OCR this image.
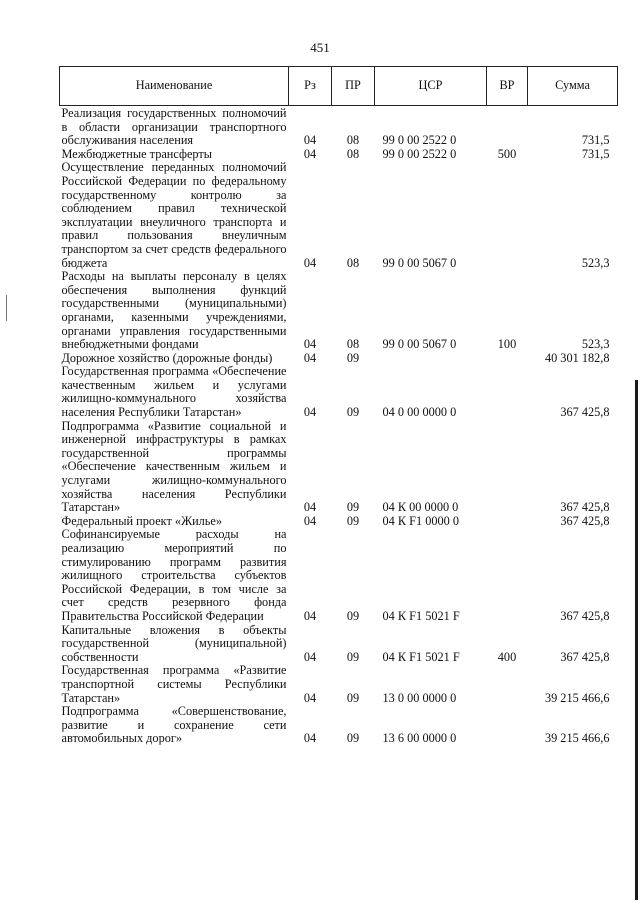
451
Наименование	Рз	ПР	ЦСР	ВР	Сумма
Реализация государственных полномочий в области организации транспортного обслуживания населения	04	08	99 0 00 2522 0		731,5
Межбюджетные трансферты	04	08	99 0 00 2522 0	500	731,5
Осуществление переданных полномочий Российской Федерации по федеральному государственному контролю за соблюдением правил технической эксплуатации внеуличного транспорта и правил пользования внеуличным транспортом за счет средств федерального бюджета	04	08	99 0 00 5067 0		523,3
Расходы на выплаты персоналу в целях обеспечения выполнения функций государственными (муниципальными) органами, казенными учреждениями, органами управления государственными внебюджетными фондами	04	08	99 0 00 5067 0	100	523,3
Дорожное хозяйство (дорожные фонды)	04	09			40 301 182,8
Государственная программа «Обеспечение качественным жильем и услугами жилищно-коммунального хозяйства населения Республики Татарстан»	04	09	04 0 00 0000 0		367 425,8
Подпрограмма «Развитие социальной и инженерной инфраструктуры в рамках государственной программы «Обеспечение качественным жильем и услугами жилищно-коммунального хозяйства населения Республики Татарстан»	04	09	04 К 00 0000 0		367 425,8
Федеральный проект «Жилье»	04	09	04 К F1 0000 0		367 425,8
Софинансируемые расходы на реализацию мероприятий по стимулированию программ развития жилищного строительства субъектов Российской Федерации, в том числе за счет средств резервного фонда Правительства Российской Федерации	04	09	04 К F1 5021 F		367 425,8
Капитальные вложения в объекты государственной (муниципальной) собственности	04	09	04 К F1 5021 F	400	367 425,8
Государственная программа «Развитие транспортной системы Республики Татарстан»	04	09	13 0 00 0000 0		39 215 466,6
Подпрограмма «Совершенствование, развитие и сохранение сети автомобильных дорог»	04	09	13 6 00 0000 0		39 215 466,6
